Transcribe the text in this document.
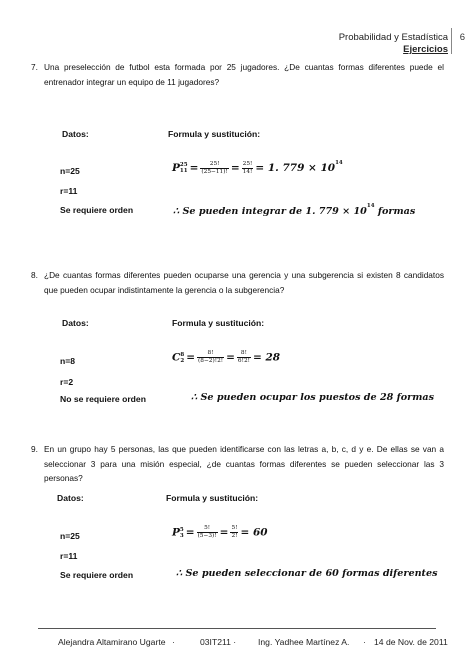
Probabilidad y Estadística
Ejercicios
6
7. Una preselección de futbol esta formada por 25 jugadores. ¿De cuantas formas diferentes puede el entrenador integrar un equipo de 11 jugadores?
Datos:	Formula y sustitución:
n=25
r=11
Se requiere orden
P 25
$11 = \frac{25!}{(25-11)!} = \frac{25!}{14!} = 1$. $779 \times 10^{14}$
∴ Se pueden integrar de 1. $779 \times 10^{14}$ formas
8. ¿De cuantas formas diferentes pueden ocuparse una gerencia y una subgerencia si existen 8 candidatos que pueden ocupar indistintamente la gerencia o la subgerencia?
Datos:	Formula y sustitución:
n=8
r=2
No se requiere orden
C 8
$2 = \frac{8!}{(8-2)!2!} = \frac{8!}{6!2!} = 28$
∴ Se pueden ocupar los puestos de 28 formas
9. En un grupo hay 5 personas, las que pueden identificarse con las letras a, b, c, d y e. De ellas se van a seleccionar 3 para una misión especial, ¿de cuantas formas diferentes se pueden seleccionar las 3 personas?
Datos:	Formula y sustitución:
n=25
r=11
Se requiere orden
P 5
$3 = \frac{5!}{(5-3)!} = \frac{5!}{2!} = 60$
∴ Se pueden seleccionar de 60 formas diferentes
Alejandra Altamirano Ugarte ·	03IT211 ·	Ing. Yadhee Martínez A. · 14 de Nov. de 2011
